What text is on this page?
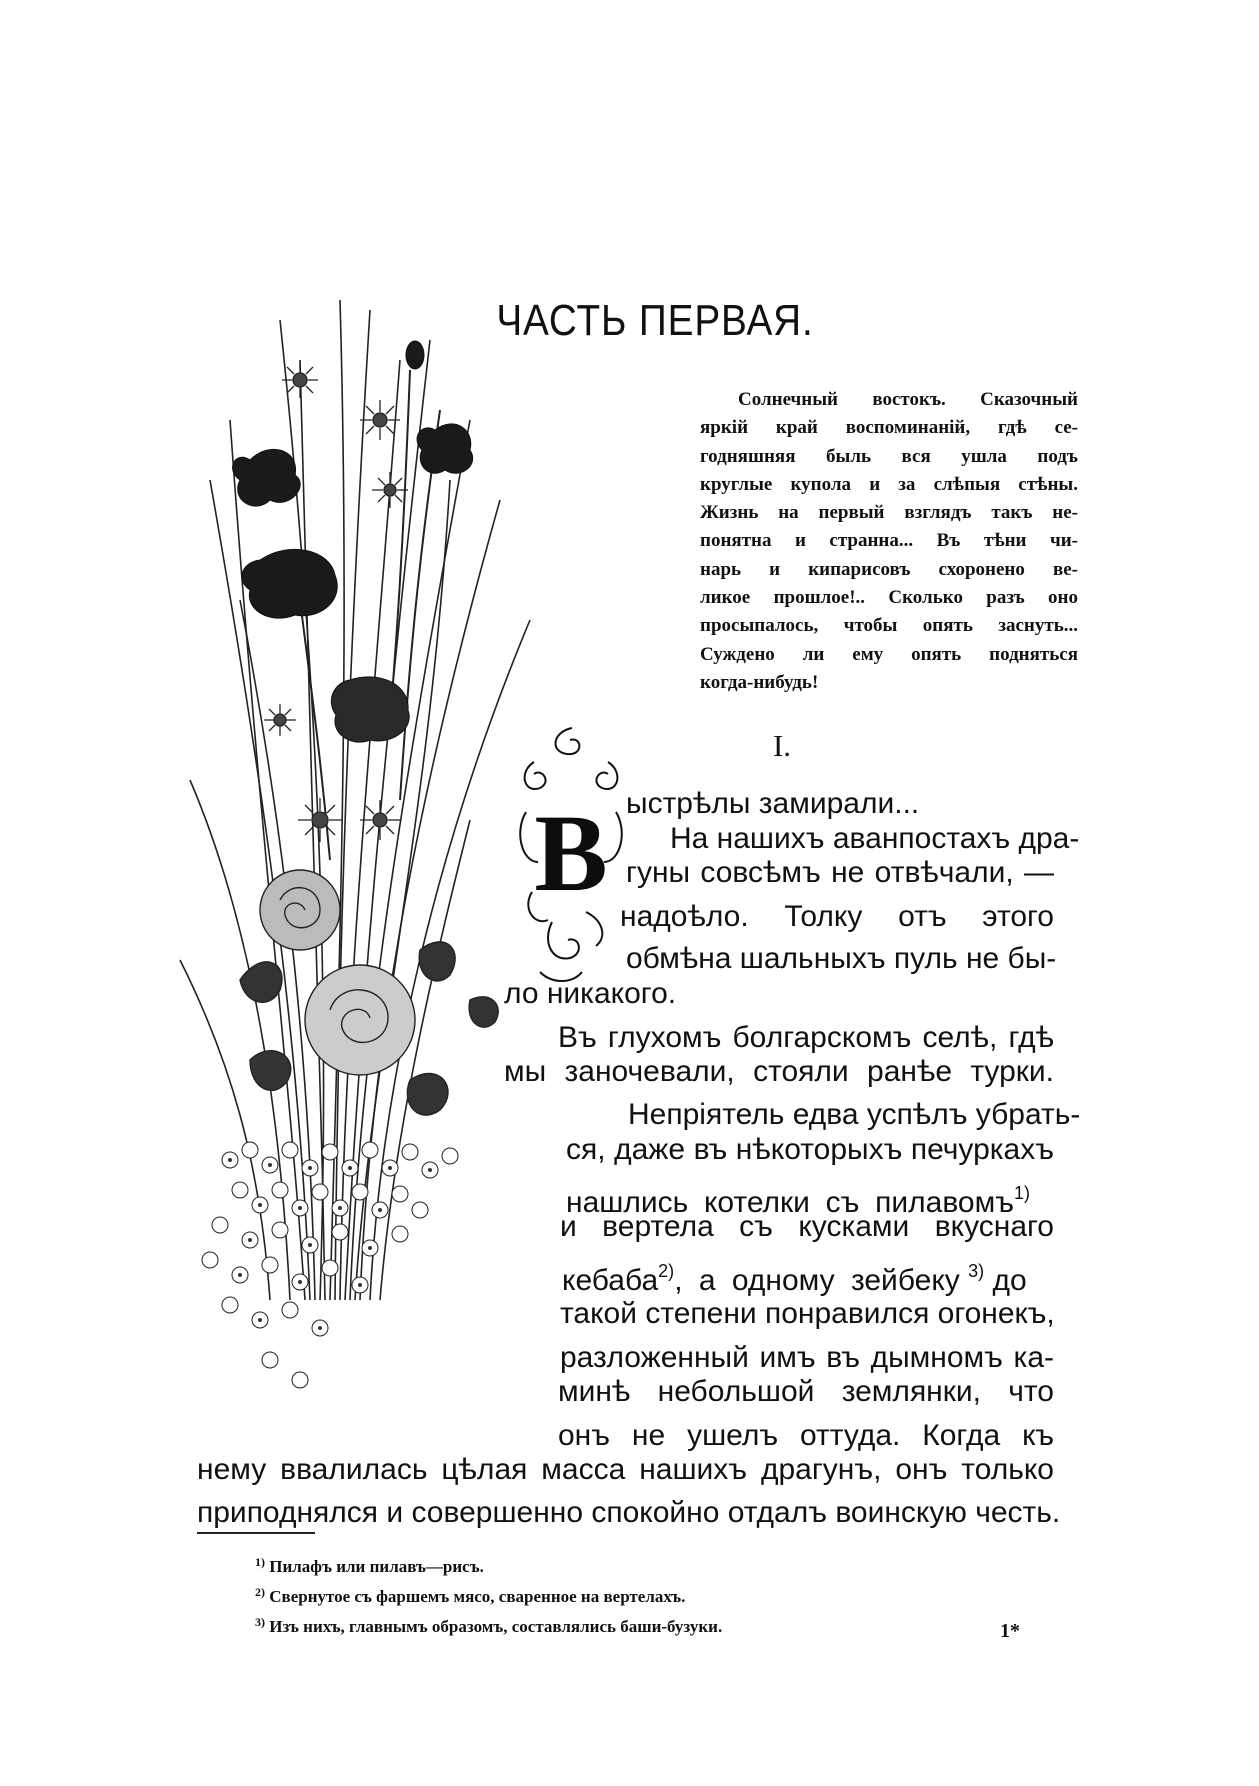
ЧАСТЬ ПЕРВАЯ.
Солнечный востокъ. Сказочный
яркій край воспоминаній, гдѣ се-
годняшняя быль вся ушла подъ
круглые купола и за слѣпыя стѣны.
Жизнь на первый взглядъ такъ не-
понятна и странна... Въ тѣни чи-
нарь и кипарисовъ схоронено ве-
ликое прошлое!.. Сколько разъ оно
просыпалось, чтобы опять заснуть...
Суждено ли ему опять подняться
когда-нибудь!
I.
В ыстрѣлы замирали...
На нашихъ аванпостахъ дра-
гуны совсѣмъ не отвѣчали, —
надоѣло. Толку отъ этого
обмѣна шальныхъ пуль не бы-
ло никакого.
Въ глухомъ болгарскомъ селѣ, гдѣ
мы заночевали, стояли ранѣе турки.
Непріятель едва успѣлъ убрать-
ся, даже въ нѣкоторыхъ печуркахъ
нашлись котелки съ пилавомъ$^{1)}$
и вертела съ кусками вкуснаго
кебаба$^{2)}$, а одному зейбеку $^{3)}$ до
такой степени понравился огонекъ,
разложенный имъ въ дымномъ ка-
минѣ небольшой землянки, что
онъ не ушелъ оттуда. Когда къ
нему ввалилась цѣлая масса нашихъ драгунъ, онъ только
приподнялся и совершенно спокойно отдалъ воинскую честь.
$^{1)}$ Пилафъ или пилавъ—рисъ.
$^{2)}$ Свернутое съ фаршемъ мясо, сваренное на вертелахъ.
$^{3)}$ Изъ нихъ, главнымъ образомъ, составлялись баши-бузуки.	1*
